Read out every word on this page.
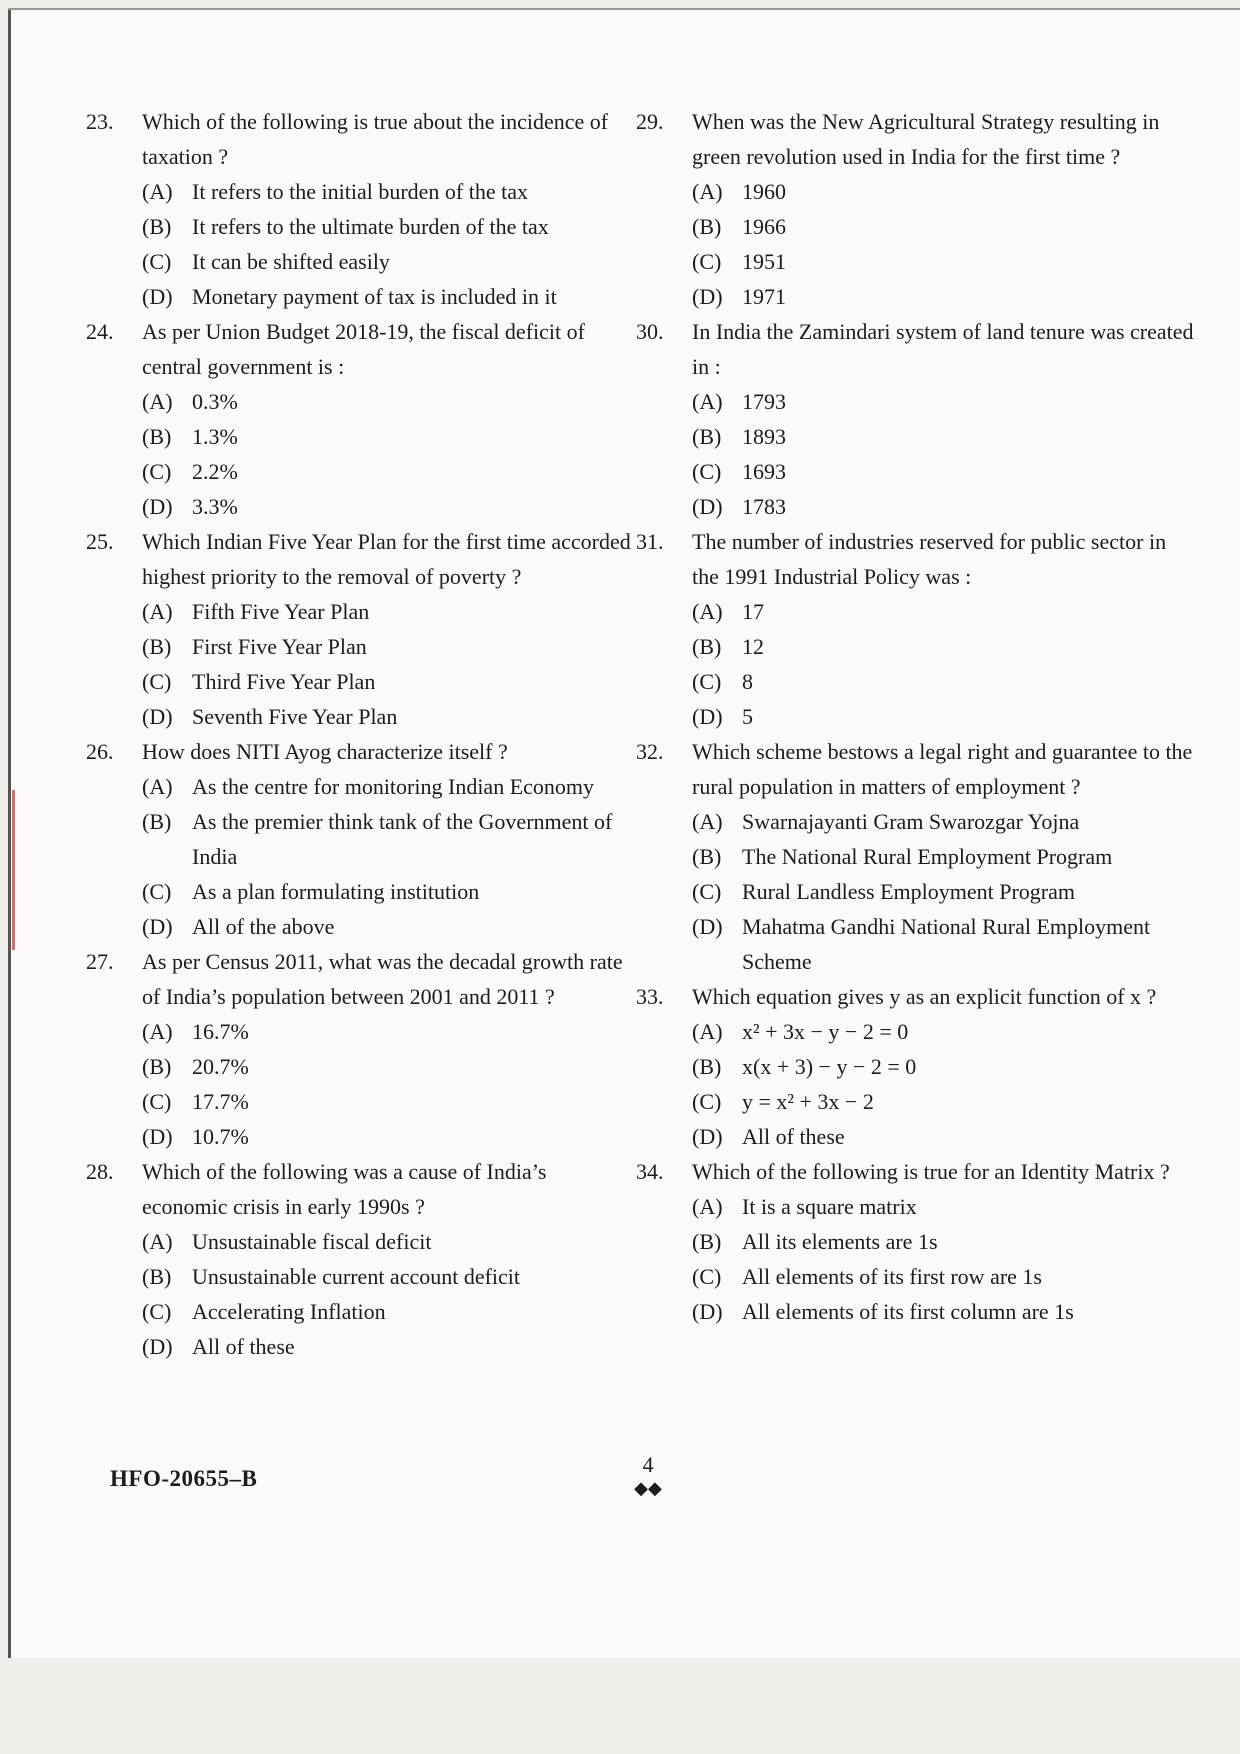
23.	Which of the following is true about the incidence of taxation ?
(A) It refers to the initial burden of the tax
(B) It refers to the ultimate burden of the tax
(C) It can be shifted easily
(D) Monetary payment of tax is included in it
24.	As per Union Budget 2018-19, the fiscal deficit of central government is :
(A) 0.3%
(B) 1.3%
(C) 2.2%
(D) 3.3%
25.	Which Indian Five Year Plan for the first time accorded highest priority to the removal of poverty ?
(A) Fifth Five Year Plan
(B) First Five Year Plan
(C) Third Five Year Plan
(D) Seventh Five Year Plan
26.	How does NITI Ayog characterize itself ?
(A) As the centre for monitoring Indian Economy
(B) As the premier think tank of the Government of India
(C) As a plan formulating institution
(D) All of the above
27.	As per Census 2011, what was the decadal growth rate of India’s population between 2001 and 2011 ?
(A) 16.7%
(B) 20.7%
(C) 17.7%
(D) 10.7%
28.	Which of the following was a cause of India’s economic crisis in early 1990s ?
(A) Unsustainable fiscal deficit
(B) Unsustainable current account deficit
(C) Accelerating Inflation
(D) All of these
29.	When was the New Agricultural Strategy resulting in green revolution used in India for the first time ?
(A) 1960
(B) 1966
(C) 1951
(D) 1971
30.	In India the Zamindari system of land tenure was created in :
(A) 1793
(B) 1893
(C) 1693
(D) 1783
31.	The number of industries reserved for public sector in the 1991 Industrial Policy was :
(A) 17
(B) 12
(C) 8
(D) 5
32.	Which scheme bestows a legal right and guarantee to the rural population in matters of employment ?
(A) Swarnajayanti Gram Swarozgar Yojna
(B) The National Rural Employment Program
(C) Rural Landless Employment Program
(D) Mahatma Gandhi National Rural Employment Scheme
33.	Which equation gives y as an explicit function of x ?
(A) x² + 3x − y − 2 = 0
(B) x(x + 3) − y − 2 = 0
(C) y = x² + 3x − 2
(D) All of these
34.	Which of the following is true for an Identity Matrix ?
(A) It is a square matrix
(B) All its elements are 1s
(C) All elements of its first row are 1s
(D) All elements of its first column are 1s
HFO-20655–B
4
◆◆
